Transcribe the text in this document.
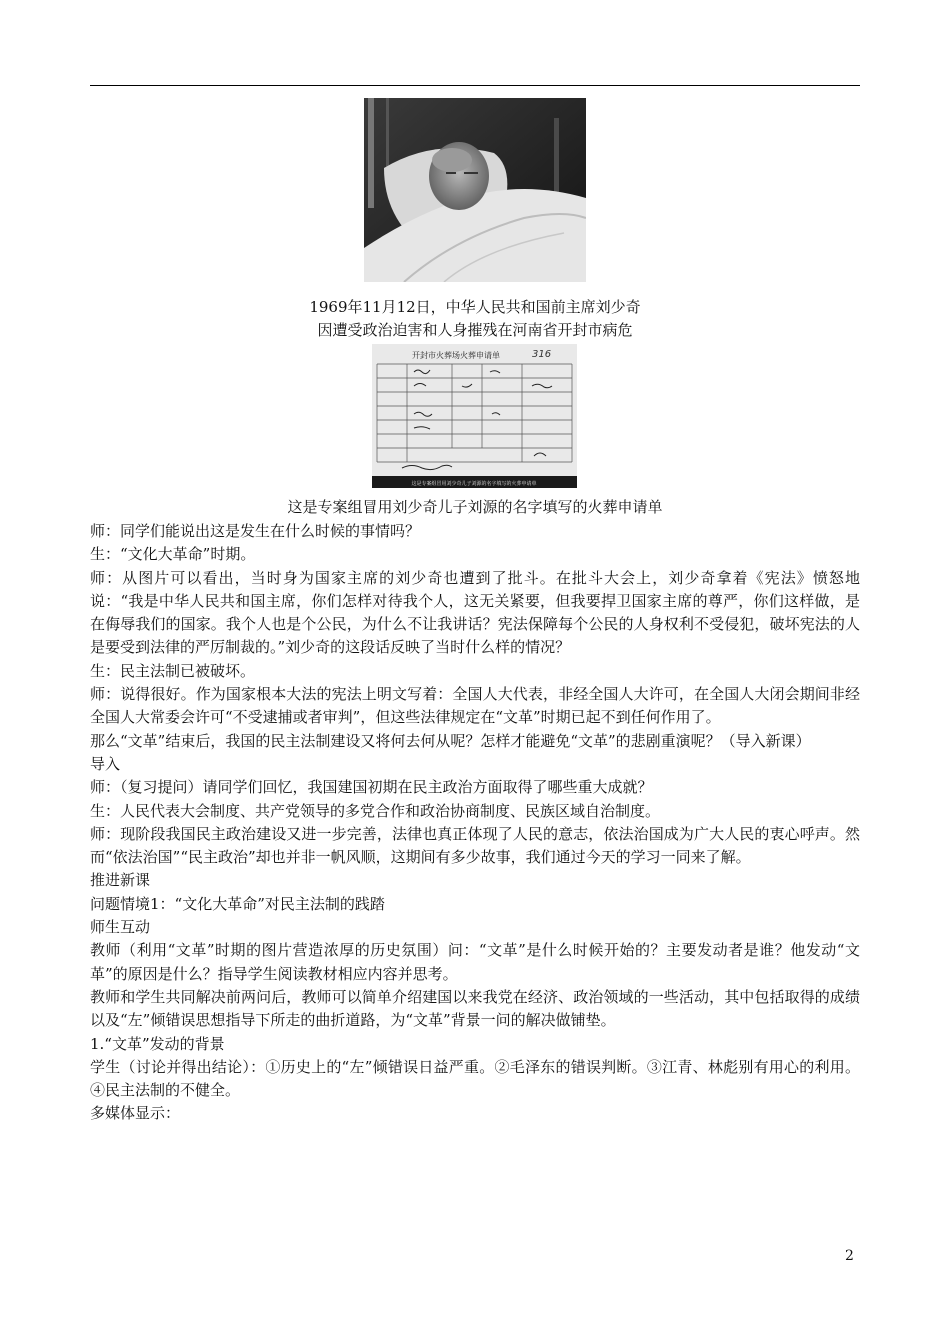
1969年11月12日，中华人民共和国前主席刘少奇
因遭受政治迫害和人身摧残在河南省开封市病危
开封市火葬场火葬申请单	316
这是专案组冒用刘少奇儿子刘源的名字填写的火葬申请单
这是专案组冒用刘少奇儿子刘源的名字填写的火葬申请单

师：同学们能说出这是发生在什么时候的事情吗？

生：“文化大革命”时期。

师：从图片可以看出，当时身为国家主席的刘少奇也遭到了批斗。在批斗大会上，刘少奇拿着《宪法》愤怒地说：“我是中华人民共和国主席，你们怎样对待我个人，这无关紧要，但我要捍卫国家主席的尊严，你们这样做，是在侮辱我们的国家。我个人也是个公民，为什么不让我讲话？宪法保障每个公民的人身权利不受侵犯，破坏宪法的人是要受到法律的严厉制裁的。”刘少奇的这段话反映了当时什么样的情况？

生：民主法制已被破坏。

师：说得很好。作为国家根本大法的宪法上明文写着：全国人大代表，非经全国人大许可，在全国人大闭会期间非经全国人大常委会许可“不受逮捕或者审判”，但这些法律规定在“文革”时期已起不到任何作用了。

那么“文革”结束后，我国的民主法制建设又将何去何从呢？怎样才能避免“文革”的悲剧重演呢？（导入新课）

导入

师：（复习提问）请同学们回忆，我国建国初期在民主政治方面取得了哪些重大成就？

生：人民代表大会制度、共产党领导的多党合作和政治协商制度、民族区域自治制度。

师：现阶段我国民主政治建设又进一步完善，法律也真正体现了人民的意志，依法治国成为广大人民的衷心呼声。然而“依法治国”“民主政治”却也并非一帆风顺，这期间有多少故事，我们通过今天的学习一同来了解。

推进新课

问题情境1：“文化大革命”对民主法制的践踏

师生互动

教师（利用“文革”时期的图片营造浓厚的历史氛围）问：“文革”是什么时候开始的？主要发动者是谁？他发动“文革”的原因是什么？指导学生阅读教材相应内容并思考。

教师和学生共同解决前两问后，教师可以简单介绍建国以来我党在经济、政治领域的一些活动，其中包括取得的成绩以及“左”倾错误思想指导下所走的曲折道路，为“文革”背景一问的解决做铺垫。

1.“文革”发动的背景

学生（讨论并得出结论）：①历史上的“左”倾错误日益严重。②毛泽东的错误判断。③江青、林彪别有用心的利用。④民主法制的不健全。

多媒体显示：

2
